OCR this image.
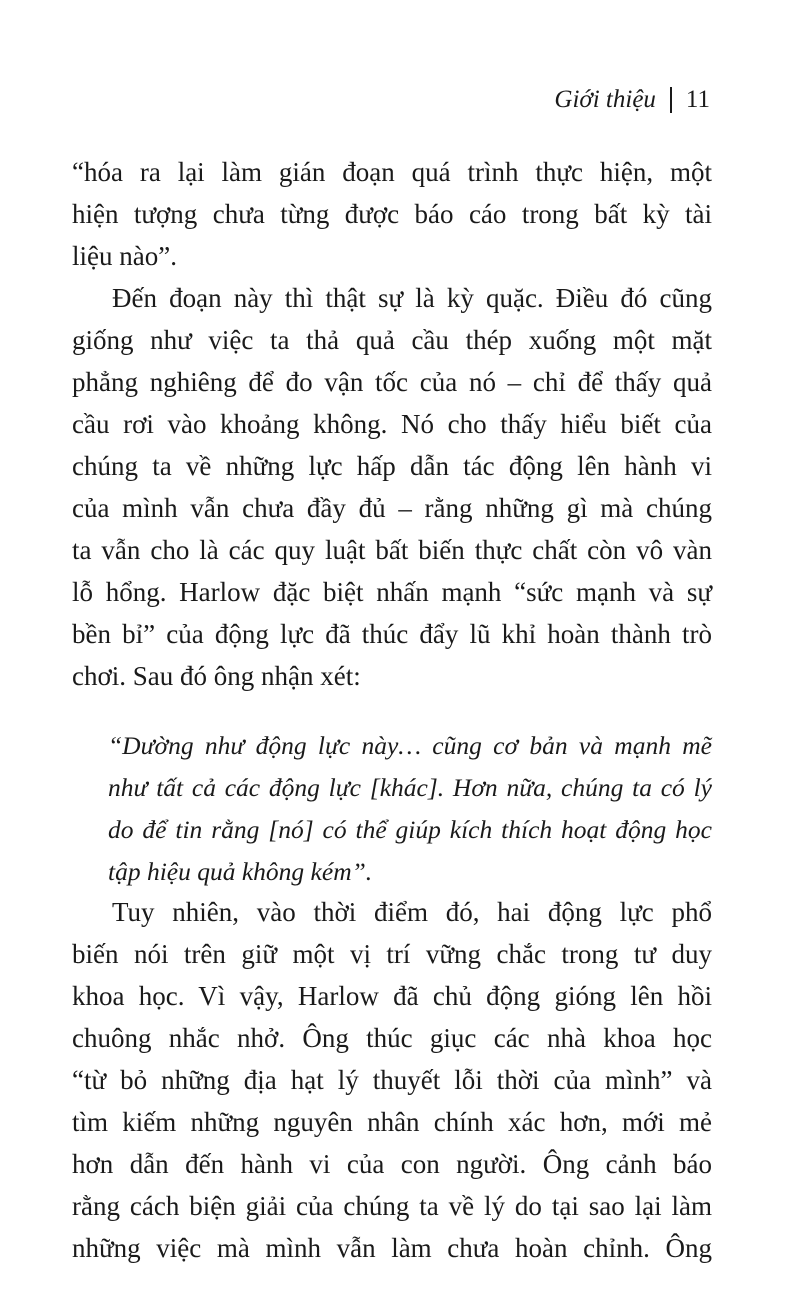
Giới thiệu 11
“hóa ra lại làm gián đoạn quá trình thực hiện, một
hiện tượng chưa từng được báo cáo trong bất kỳ tài
liệu nào”.
Đến đoạn này thì thật sự là kỳ quặc. Điều đó cũng
giống như việc ta thả quả cầu thép xuống một mặt
phẳng nghiêng để đo vận tốc của nó – chỉ để thấy quả
cầu rơi vào khoảng không. Nó cho thấy hiểu biết của
chúng ta về những lực hấp dẫn tác động lên hành vi
của mình vẫn chưa đầy đủ – rằng những gì mà chúng
ta vẫn cho là các quy luật bất biến thực chất còn vô vàn
lỗ hổng. Harlow đặc biệt nhấn mạnh “sức mạnh và sự
bền bỉ” của động lực đã thúc đẩy lũ khỉ hoàn thành trò
chơi. Sau đó ông nhận xét:
“Dường như động lực này… cũng cơ bản và mạnh mẽ
như tất cả các động lực [khác]. Hơn nữa, chúng ta có lý
do để tin rằng [nó] có thể giúp kích thích hoạt động học
tập hiệu quả không kém”.
Tuy nhiên, vào thời điểm đó, hai động lực phổ
biến nói trên giữ một vị trí vững chắc trong tư duy
khoa học. Vì vậy, Harlow đã chủ động gióng lên hồi
chuông nhắc nhở. Ông thúc giục các nhà khoa học
“từ bỏ những địa hạt lý thuyết lỗi thời của mình” và
tìm kiếm những nguyên nhân chính xác hơn, mới mẻ
hơn dẫn đến hành vi của con người. Ông cảnh báo
rằng cách biện giải của chúng ta về lý do tại sao lại làm
những việc mà mình vẫn làm chưa hoàn chỉnh. Ông
